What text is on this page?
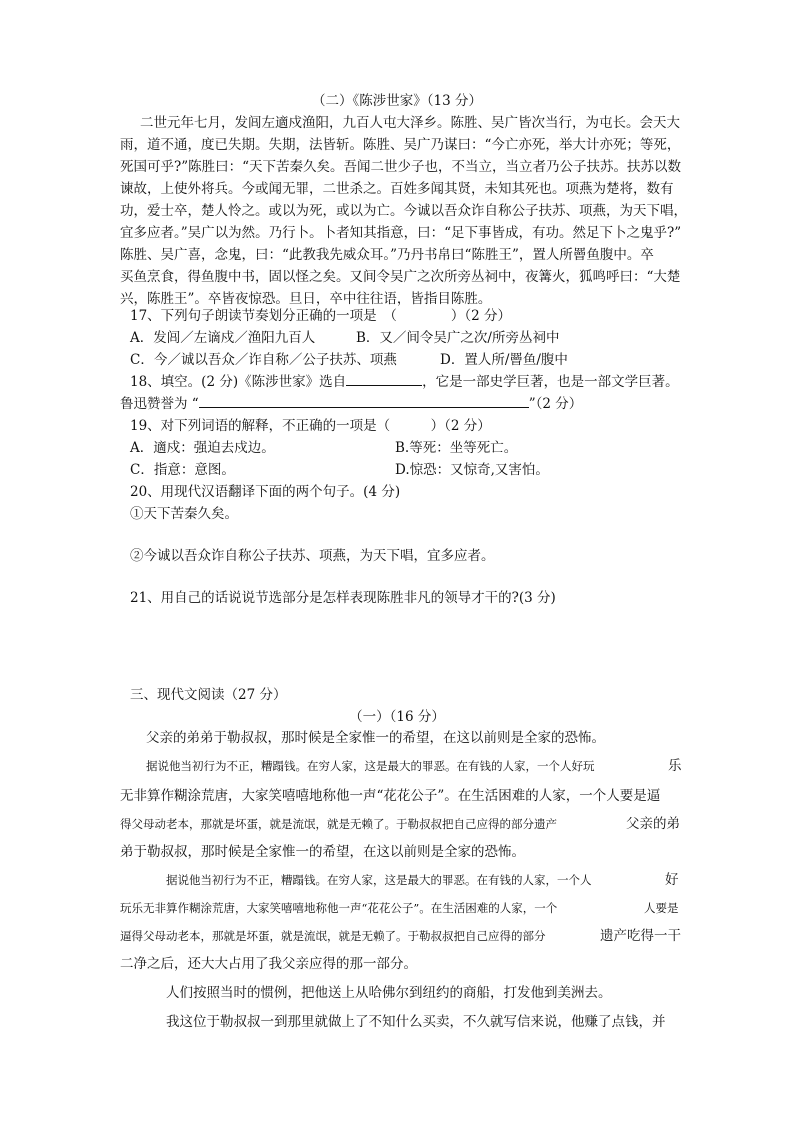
（二）《陈涉世家》（13 分）
二世元年七月，发闾左適戍渔阳，九百人屯大泽乡。陈胜、吴广皆次当行，为屯长。会天大
雨，道不通，度已失期。失期，法皆斩。陈胜、吴广乃谋曰：“今亡亦死，举大计亦死；等死，
死国可乎?”陈胜曰：“天下苦秦久矣。吾闻二世少子也，不当立，当立者乃公子扶苏。扶苏以数
谏故，上使外将兵。今或闻无罪，二世杀之。百姓多闻其贤，未知其死也。项燕为楚将，数有
功，爱士卒，楚人怜之。或以为死，或以为亡。今诚以吾众诈自称公子扶苏、项燕，为天下唱，
宜多应者。”吴广以为然。乃行卜。卜者知其指意，曰：“足下事皆成，有功。然足下卜之鬼乎?”
陈胜、吴广喜，念鬼，曰：“此教我先威众耳。”乃丹书帛曰“陈胜王”，置人所罾鱼腹中。卒
买鱼烹食，得鱼腹中书，固以怪之矣。又间令吴广之次所旁丛祠中，夜篝火，狐鸣呼曰：“大楚
兴，陈胜王”。卒皆夜惊恐。旦日，卒中往往语，皆指目陈胜。
17、下列句子朗读节奏划分正确的一项是　（　　　　）（2 分）
A．发闾／左谪戍／渔阳九百人	B．又／间令吴广之次/所旁丛祠中
C．今／诚以吾众／诈自称／公子扶苏、项燕	D．置人所/罾鱼/腹中
18、填空。(2 分)《陈涉世家》选自	，它是一部史学巨著，也是一部文学巨著。
鲁迅赞誉为 “	”（2 分）
19、对下列词语的解释，不正确的一项是（　　　）（2 分）
A．適戍：强迫去戍边。	B.等死：坐等死亡。
C．指意：意图。	D.惊恐：又惊奇,又害怕。
20、用现代汉语翻译下面的两个句子。(4 分)
①天下苦秦久矣。
②今诚以吾众诈自称公子扶苏、项燕，为天下唱，宜多应者。
21、用自己的话说说节选部分是怎样表现陈胜非凡的领导才干的?(3 分)
三、现代文阅读（27 分）
（一）（16 分）
父亲的弟弟于勒叔叔，那时候是全家惟一的希望，在这以前则是全家的恐怖。
据说他当初行为不正，糟蹋钱。在穷人家，这是最大的罪恶。在有钱的人家，一个人好玩	乐
无非算作糊涂荒唐，大家笑嘻嘻地称他一声“花花公子”。在生活困难的人家，一个人要是逼
得父母动老本，那就是坏蛋，就是流氓，就是无赖了。于勒叔叔把自己应得的部分遗产	父亲的弟
弟于勒叔叔，那时候是全家惟一的希望，在这以前则是全家的恐怖。
据说他当初行为不正，糟蹋钱。在穷人家，这是最大的罪恶。在有钱的人家，一个人	好
玩乐无非算作糊涂荒唐，大家笑嘻嘻地称他一声“花花公子”。在生活困难的人家，一个	人要是
逼得父母动老本，那就是坏蛋，就是流氓，就是无赖了。于勒叔叔把自己应得的部分	遗产吃得一干
二净之后，还大大占用了我父亲应得的那一部分。
人们按照当时的惯例，把他送上从哈佛尔到纽约的商船，打发他到美洲去。
我这位于勒叔叔一到那里就做上了不知什么买卖，不久就写信来说，他赚了点钱，并
